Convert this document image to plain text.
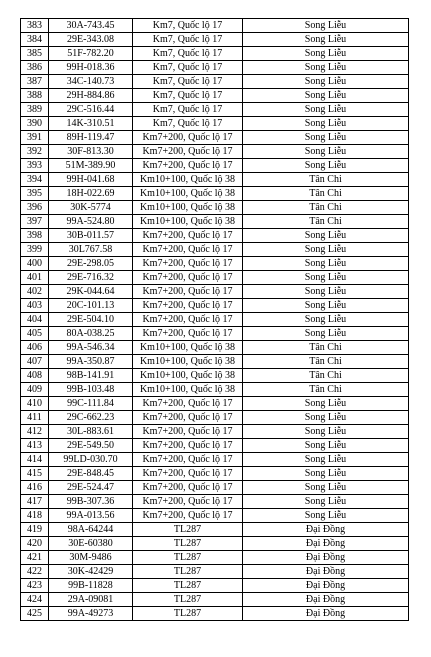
383	30A-743.45	Km7, Quốc lộ 17	Song Liễu
384	29E-343.08	Km7, Quốc lộ 17	Song Liễu
385	51F-782.20	Km7, Quốc lộ 17	Song Liễu
386	99H-018.36	Km7, Quốc lộ 17	Song Liễu
387	34C-140.73	Km7, Quốc lộ 17	Song Liễu
388	29H-884.86	Km7, Quốc lộ 17	Song Liễu
389	29C-516.44	Km7, Quốc lộ 17	Song Liễu
390	14K-310.51	Km7, Quốc lộ 17	Song Liễu
391	89H-119.47	Km7+200, Quốc lộ 17	Song Liễu
392	30F-813.30	Km7+200, Quốc lộ 17	Song Liễu
393	51M-389.90	Km7+200, Quốc lộ 17	Song Liễu
394	99H-041.68	Km10+100, Quốc lộ 38	Tân Chi
395	18H-022.69	Km10+100, Quốc lộ 38	Tân Chi
396	30K-5774	Km10+100, Quốc lộ 38	Tân Chi
397	99A-524.80	Km10+100, Quốc lộ 38	Tân Chi
398	30B-011.57	Km7+200, Quốc lộ 17	Song Liễu
399	30L767.58	Km7+200, Quốc lộ 17	Song Liễu
400	29E-298.05	Km7+200, Quốc lộ 17	Song Liễu
401	29E-716.32	Km7+200, Quốc lộ 17	Song Liễu
402	29K-044.64	Km7+200, Quốc lộ 17	Song Liễu
403	20C-101.13	Km7+200, Quốc lộ 17	Song Liễu
404	29E-504.10	Km7+200, Quốc lộ 17	Song Liễu
405	80A-038.25	Km7+200, Quốc lộ 17	Song Liễu
406	99A-546.34	Km10+100, Quốc lộ 38	Tân Chi
407	99A-350.87	Km10+100, Quốc lộ 38	Tân Chi
408	98B-141.91	Km10+100, Quốc lộ 38	Tân Chi
409	99B-103.48	Km10+100, Quốc lộ 38	Tân Chi
410	99C-111.84	Km7+200, Quốc lộ 17	Song Liễu
411	29C-662.23	Km7+200, Quốc lộ 17	Song Liễu
412	30L-883.61	Km7+200, Quốc lộ 17	Song Liễu
413	29E-549.50	Km7+200, Quốc lộ 17	Song Liễu
414	99LD-030.70	Km7+200, Quốc lộ 17	Song Liễu
415	29E-848.45	Km7+200, Quốc lộ 17	Song Liễu
416	29E-524.47	Km7+200, Quốc lộ 17	Song Liễu
417	99B-307.36	Km7+200, Quốc lộ 17	Song Liễu
418	99A-013.56	Km7+200, Quốc lộ 17	Song Liễu
419	98A-64244	TL287	Đại Đồng
420	30E-60380	TL287	Đại Đồng
421	30M-9486	TL287	Đại Đồng
422	30K-42429	TL287	Đại Đồng
423	99B-11828	TL287	Đại Đồng
424	29A-09081	TL287	Đại Đồng
425	99A-49273	TL287	Đại Đồng
